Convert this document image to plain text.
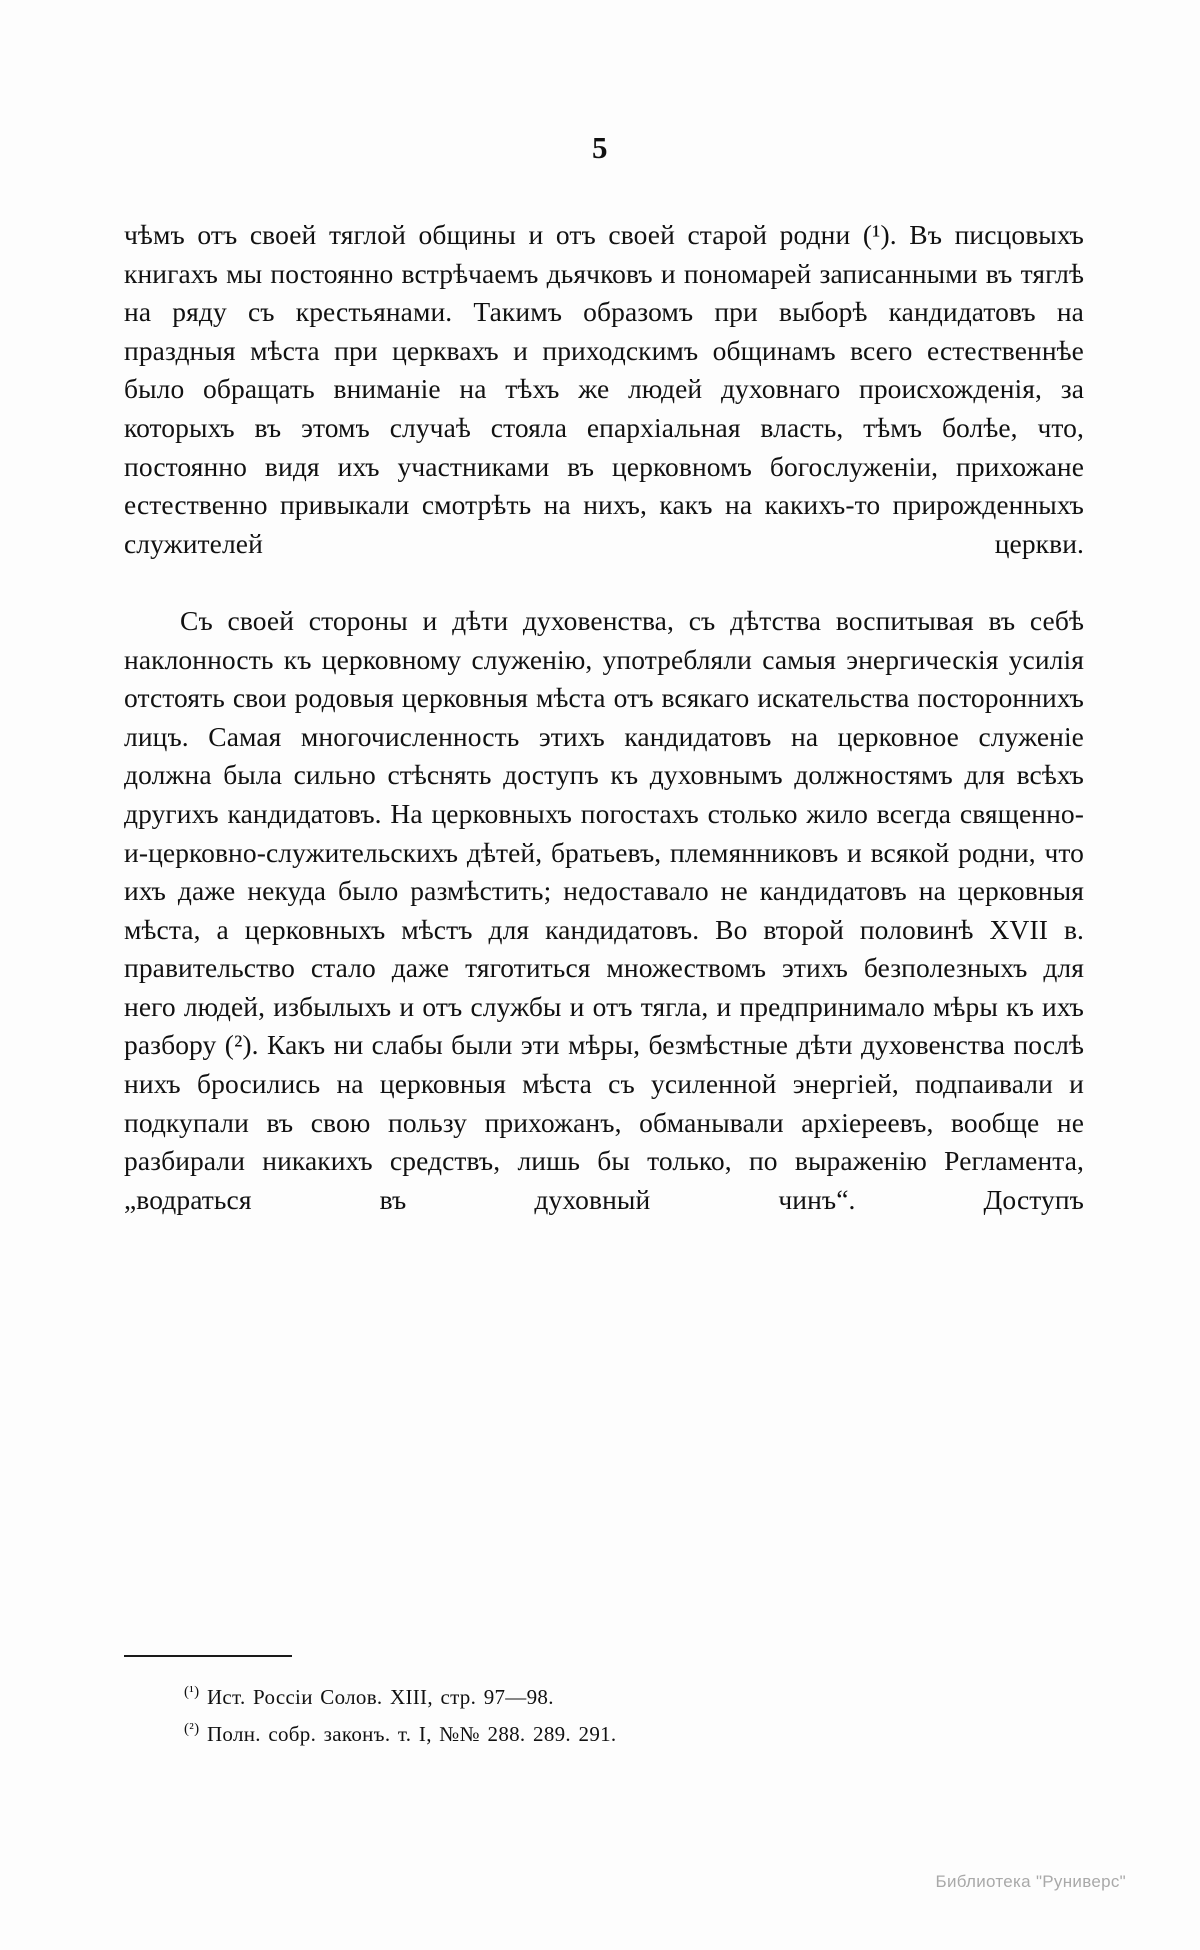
5

чѣмъ отъ своей тяглой общины и отъ своей старой родни (¹). Въ писцовыхъ книгахъ мы постоянно встрѣчаемъ дьячковъ и пономарей записанными въ тяглѣ на ряду съ крестьянами. Такимъ образомъ при выборѣ кандидатовъ на праздныя мѣста при церквахъ и приходскимъ общинамъ всего естественнѣе было обращать вниманіе на тѣхъ же людей духовнаго происхожденія, за которыхъ въ этомъ случаѣ стояла епархіальная власть, тѣмъ болѣе, что, постоянно видя ихъ участниками въ церковномъ богослуженіи, прихожане естественно привыкали смотрѣть на нихъ, какъ на какихъ-то прирожденныхъ служителей церкви.

Съ своей стороны и дѣти духовенства, съ дѣтства воспитывая въ себѣ наклонность къ церковному служенію, употребляли самыя энергическія усилія отстоять свои родовыя церковныя мѣста отъ всякаго искательства постороннихъ лицъ. Самая многочисленность этихъ кандидатовъ на церковное служеніе должна была сильно стѣснять доступъ къ духовнымъ должностямъ для всѣхъ другихъ кандидатовъ. На церковныхъ погостахъ столько жило всегда священно-и-церковно-служительскихъ дѣтей, братьевъ, племянниковъ и всякой родни, что ихъ даже некуда было размѣстить; недоставало не кандидатовъ на церковныя мѣста, а церковныхъ мѣстъ для кандидатовъ. Во второй половинѣ XVII в. правительство стало даже тяготиться множествомъ этихъ безполезныхъ для него людей, избылыхъ и отъ службы и отъ тягла, и предпринимало мѣры къ ихъ разбору (²). Какъ ни слабы были эти мѣры, безмѣстные дѣти духовенства послѣ нихъ бросились на церковныя мѣста съ усиленной энергіей, подпаивали и подкупали въ свою пользу прихожанъ, обманывали архіереевъ, вообще не разбирали никакихъ средствъ, лишь бы только, по выраженію Регламента, „водраться въ духовный чинъ“. Доступъ

$^{(^1)}$ Ист. Россіи Солов. XIII, стр. 97—98.
$^{(^2)}$ Полн. собр. законъ. т. I, №№ 288. 289. 291.
Библиотека "Руниверс"
